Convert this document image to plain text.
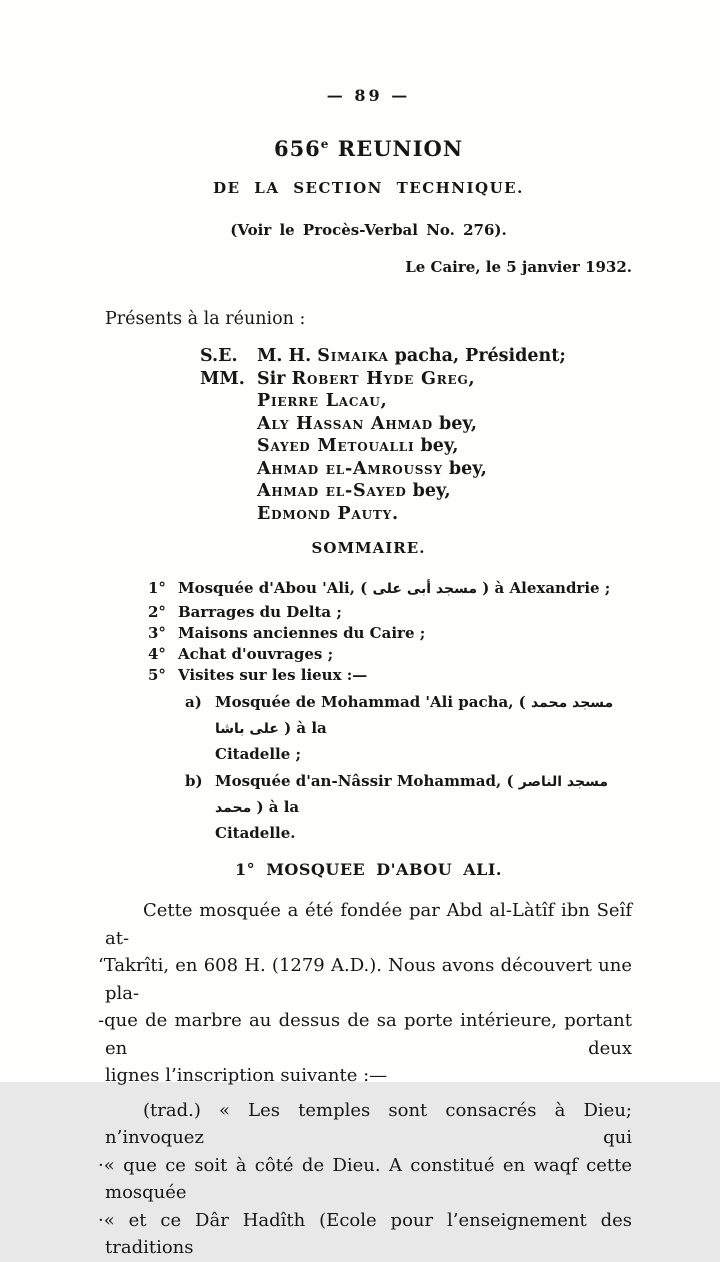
— 89 —
656e REUNION
DE LA SECTION TECHNIQUE.
(Voir le Procès-Verbal No. 276).
Le Caire, le 5 janvier 1932.
Présents à la réunion :
S.E. M. H. Simaika pacha, Président;
MM. Sir Robert Hyde Greg,
Pierre Lacau,
Aly Hassan Ahmad bey,
Sayed Metoualli bey,
Ahmad el-Amroussy bey,
Ahmad el-Sayed bey,
Edmond Pauty.
SOMMAIRE.
1° Mosquée d'Abou 'Ali, ( مسجد أبى على ) à Alexandrie ;
2° Barrages du Delta ;
3° Maisons anciennes du Caire ;
4° Achat d'ouvrages ;
5° Visites sur les lieux :—
a) Mosquée de Mohammad 'Ali pacha, ( مسجد محمد على باشا ) à la
Citadelle ;
b) Mosquée d'an-Nâssir Mohammad, ( مسجد الناصر محمد ) à la
Citadelle.
1° MOSQUEE D'ABOU ALI.
Cette mosquée a été fondée par Abd al-Làtîf ibn Seîf at-
‘Takrîti, en 608 H. (1279 A.D.). Nous avons découvert une pla-
-que de marbre au dessus de sa porte intérieure, portant en deux
lignes l’inscription suivante :—
(trad.) « Les temples sont consacrés à Dieu; n’invoquez qui
·« que ce soit à côté de Dieu. A constitué en waqf cette mosquée
·« et ce Dâr Hadîth (Ecole pour l’enseignement des traditions
